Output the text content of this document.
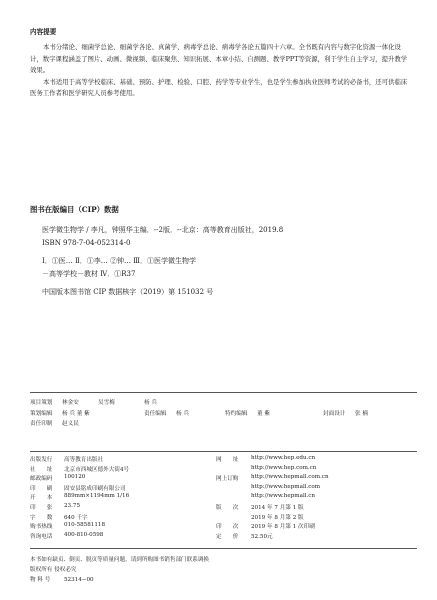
内容提要

本书分绪论、细菌学总论、细菌学各论、真菌学、病毒学总论、病毒学各论五篇四十六章。全书既有内容与数字化资源一体化设计，数字课程涵盖了图片、动画、微视频、临床聚焦、知识拓展、本章小结、自测题、教学PPT等资源，利于学生自主学习，提升教学效果。

本书适用于高等学校临床、基础、预防、护理、检验、口腔、药学等专业学生，也是学生参加执业医师考试的必备书，还可供临床医务工作者和医学研究人员参考使用。

图书在版编目（CIP）数据
医学微生物学 / 李凡，钟照华主编．--2版．--北京：高等教育出版社，2019.8
ISBN 978-7-04-052314-0
Ⅰ．①医… Ⅱ．①李… ②钟… Ⅲ．①医学微生物学
－高等学校－教材 Ⅳ．①R37
中国版本图书馆 CIP 数据核字（2019）第 151032 号
项目策划 林金安	吴雪梅	杨 兵
策划编辑 杨 兵 董 紫	责任编辑 杨 兵	特约编辑 董 紫	封面设计 张 楠
责任印制 赵义民
出版发行 高等教育出版社	网　　址 http://www.hep.edu.cn
社　　址 北京市西城区德外大街4号	http://www.hep.com.cn
邮政编码 100120	网上订购 http://www.hepmall.com.cn
印　　刷 固安县铭成印刷有限公司	http://www.hepmall.com
开　　本 889mm×1194mm 1/16	http://www.hepmall.cn
印　　张 23.75	版　　次 2014 年 7 月第 1 版
字　　数 640 千字	2019 年 8 月第 2 版
购书热线 010-58581118	印　　次 2019 年 8 月第 1 次印刷
咨询电话 400-810-0598	定　　价 52.50元
本书如有缺页、倒页、脱页等质量问题，请到所购图书销售部门联系调换
版权所有 侵权必究
物 料 号 52314−00
